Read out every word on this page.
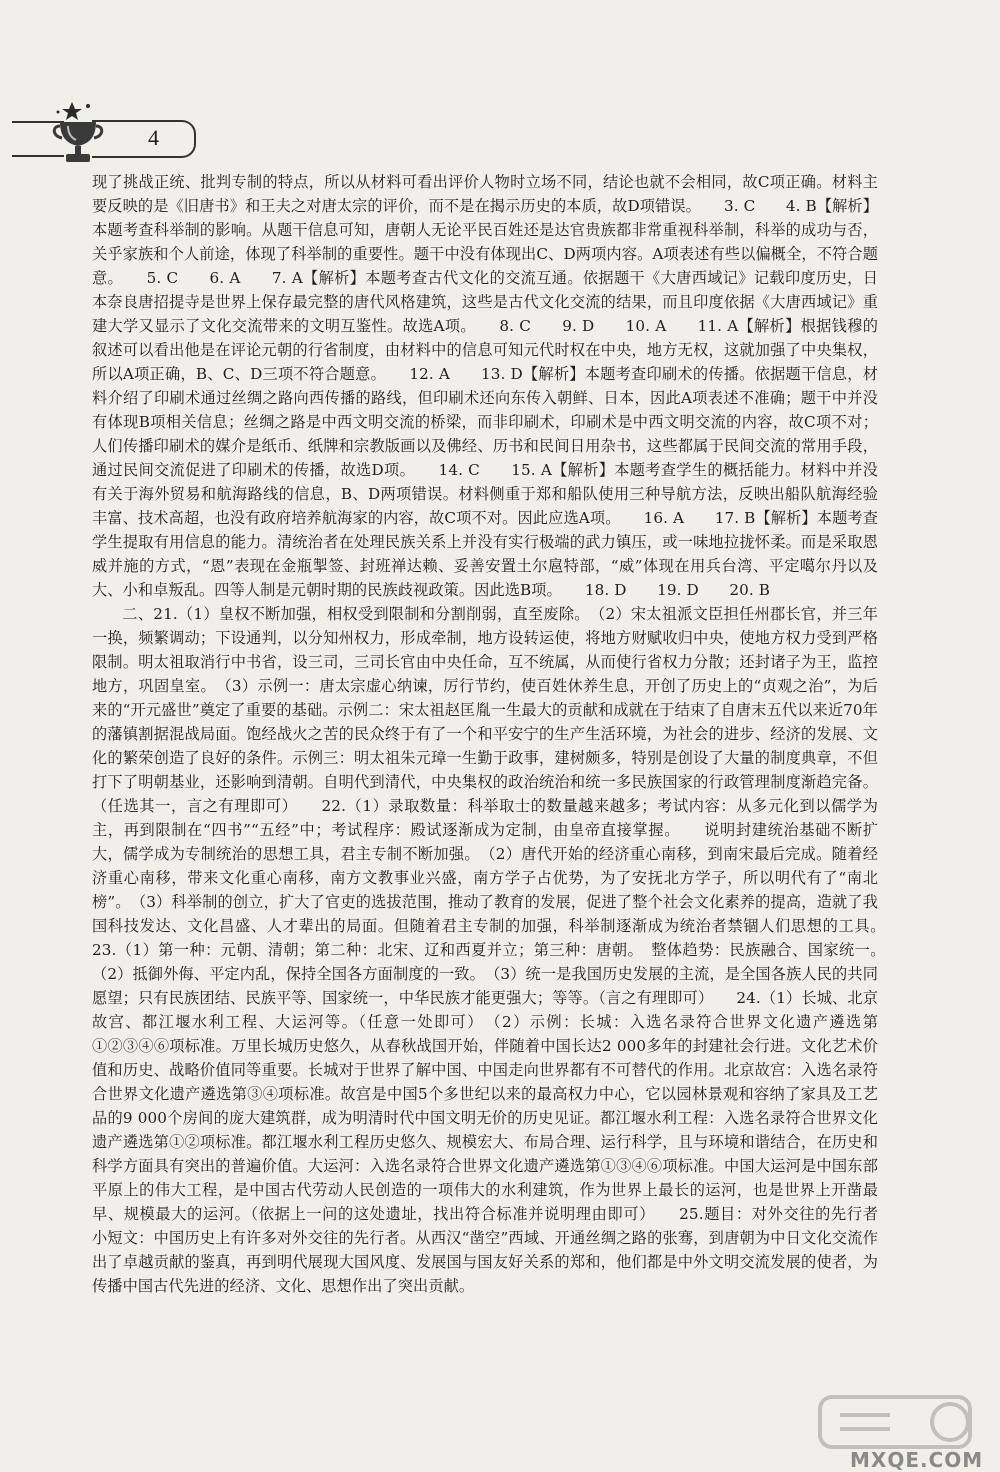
4

现了挑战正统、批判专制的特点，所以从材料可看出评价人物时立场不同，结论也就不会相同，故C项正确。材料主要反映的是《旧唐书》和王夫之对唐太宗的评价，而不是在揭示历史的本质，故D项错误。　　3. C　　4. B【解析】本题考查科举制的影响。从题干信息可知，唐朝人无论平民百姓还是达官贵族都非常重视科举制，科举的成功与否，关乎家族和个人前途，体现了科举制的重要性。题干中没有体现出C、D两项内容。A项表述有些以偏概全，不符合题意。　　5. C　　6. A　　7. A【解析】本题考查古代文化的交流互通。依据题干《大唐西域记》记载印度历史，日本奈良唐招提寺是世界上保存最完整的唐代风格建筑，这些是古代文化交流的结果，而且印度依据《大唐西域记》重建大学又显示了文化交流带来的文明互鉴性。故选A项。　　8. C　　9. D　　10. A　　11. A【解析】根据钱穆的叙述可以看出他是在评论元朝的行省制度，由材料中的信息可知元代时权在中央，地方无权，这就加强了中央集权，所以A项正确，B、C、D三项不符合题意。　　12. A　　13. D【解析】本题考查印刷术的传播。依据题干信息，材料介绍了印刷术通过丝绸之路向西传播的路线，但印刷术还向东传入朝鲜、日本，因此A项表述不准确；题干中并没有体现B项相关信息；丝绸之路是中西文明交流的桥梁，而非印刷术，印刷术是中西文明交流的内容，故C项不对；人们传播印刷术的媒介是纸币、纸牌和宗教版画以及佛经、历书和民间日用杂书，这些都属于民间交流的常用手段，通过民间交流促进了印刷术的传播，故选D项。　　14. C　　15. A【解析】本题考查学生的概括能力。材料中并没有关于海外贸易和航海路线的信息，B、D两项错误。材料侧重于郑和船队使用三种导航方法，反映出船队航海经验丰富、技术高超，也没有政府培养航海家的内容，故C项不对。因此应选A项。　　16. A　　17. B【解析】本题考查学生提取有用信息的能力。清统治者在处理民族关系上并没有实行极端的武力镇压，或一味地拉拢怀柔。而是采取恩威并施的方式，“恩”表现在金瓶掣签、封班禅达赖、妥善安置土尔扈特部，“威”体现在用兵台湾、平定噶尔丹以及大、小和卓叛乱。四等人制是元朝时期的民族歧视政策。因此选B项。　　18. D　　19. D　　20. B

二、21.（1）皇权不断加强，相权受到限制和分割削弱，直至废除。　（2）宋太祖派文臣担任州郡长官，并三年一换，频繁调动；下设通判，以分知州权力，形成牵制，地方设转运使，将地方财赋收归中央，使地方权力受到严格限制。明太祖取消行中书省，设三司，三司长官由中央任命，互不统属，从而使行省权力分散；还封诸子为王，监控地方，巩固皇室。　（3）示例一：唐太宗虚心纳谏，厉行节约，使百姓休养生息，开创了历史上的“贞观之治”，为后来的“开元盛世”奠定了重要的基础。示例二：宋太祖赵匡胤一生最大的贡献和成就在于结束了自唐末五代以来近70年的藩镇割据混战局面。饱经战火之苦的民众终于有了一个和平安宁的生产生活环境，为社会的进步、经济的发展、文化的繁荣创造了良好的条件。示例三：明太祖朱元璋一生勤于政事，建树颇多，特别是创设了大量的制度典章，不但打下了明朝基业，还影响到清朝。自明代到清代，中央集权的政治统治和统一多民族国家的行政管理制度渐趋完备。（任选其一，言之有理即可）　　22.（1）录取数量：科举取士的数量越来越多；考试内容：从多元化到以儒学为主，再到限制在“四书”“五经”中；考试程序：殿试逐渐成为定制，由皇帝直接掌握。　　说明封建统治基础不断扩大，儒学成为专制统治的思想工具，君主专制不断加强。　（2）唐代开始的经济重心南移，到南宋最后完成。随着经济重心南移，带来文化重心南移，南方文教事业兴盛，南方学子占优势，为了安抚北方学子，所以明代有了“南北榜”。　（3）科举制的创立，扩大了官吏的选拔范围，推动了教育的发展，促进了整个社会文化素养的提高，造就了我国科技发达、文化昌盛、人才辈出的局面。但随着君主专制的加强，科举制逐渐成为统治者禁锢人们思想的工具。　　23.（1）第一种：元朝、清朝；第二种：北宋、辽和西夏并立；第三种：唐朝。　整体趋势：民族融合、国家统一。　（2）抵御外侮、平定内乱，保持全国各方面制度的一致。　（3）统一是我国历史发展的主流，是全国各族人民的共同愿望；只有民族团结、民族平等、国家统一，中华民族才能更强大；等等。（言之有理即可）　　24.（1）长城、北京故宫、都江堰水利工程、大运河等。（任意一处即可）　（2）示例：长城：入选名录符合世界文化遗产遴选第①②③④⑥项标准。万里长城历史悠久，从春秋战国开始，伴随着中国长达2 000多年的封建社会行进。文化艺术价值和历史、战略价值同等重要。长城对于世界了解中国、中国走向世界都有不可替代的作用。北京故宫：入选名录符合世界文化遗产遴选第③④项标准。故宫是中国5个多世纪以来的最高权力中心，它以园林景观和容纳了家具及工艺品的9 000个房间的庞大建筑群，成为明清时代中国文明无价的历史见证。都江堰水利工程：入选名录符合世界文化遗产遴选第①②项标准。都江堰水利工程历史悠久、规模宏大、布局合理、运行科学，且与环境和谐结合，在历史和科学方面具有突出的普遍价值。大运河：入选名录符合世界文化遗产遴选第①③④⑥项标准。中国大运河是中国东部平原上的伟大工程，是中国古代劳动人民创造的一项伟大的水利建筑，作为世界上最长的运河，也是世界上开凿最早、规模最大的运河。（依据上一问的这处遗址，找出符合标准并说明理由即可）　　25.题目：对外交往的先行者　小短文：中国历史上有许多对外交往的先行者。从西汉“凿空”西域、开通丝绸之路的张骞，到唐朝为中日文化交流作出了卓越贡献的鉴真，再到明代展现大国风度、发展国与国友好关系的郑和，他们都是中外文明交流发展的使者，为传播中国古代先进的经济、文化、思想作出了突出贡献。

MXQE.COM
